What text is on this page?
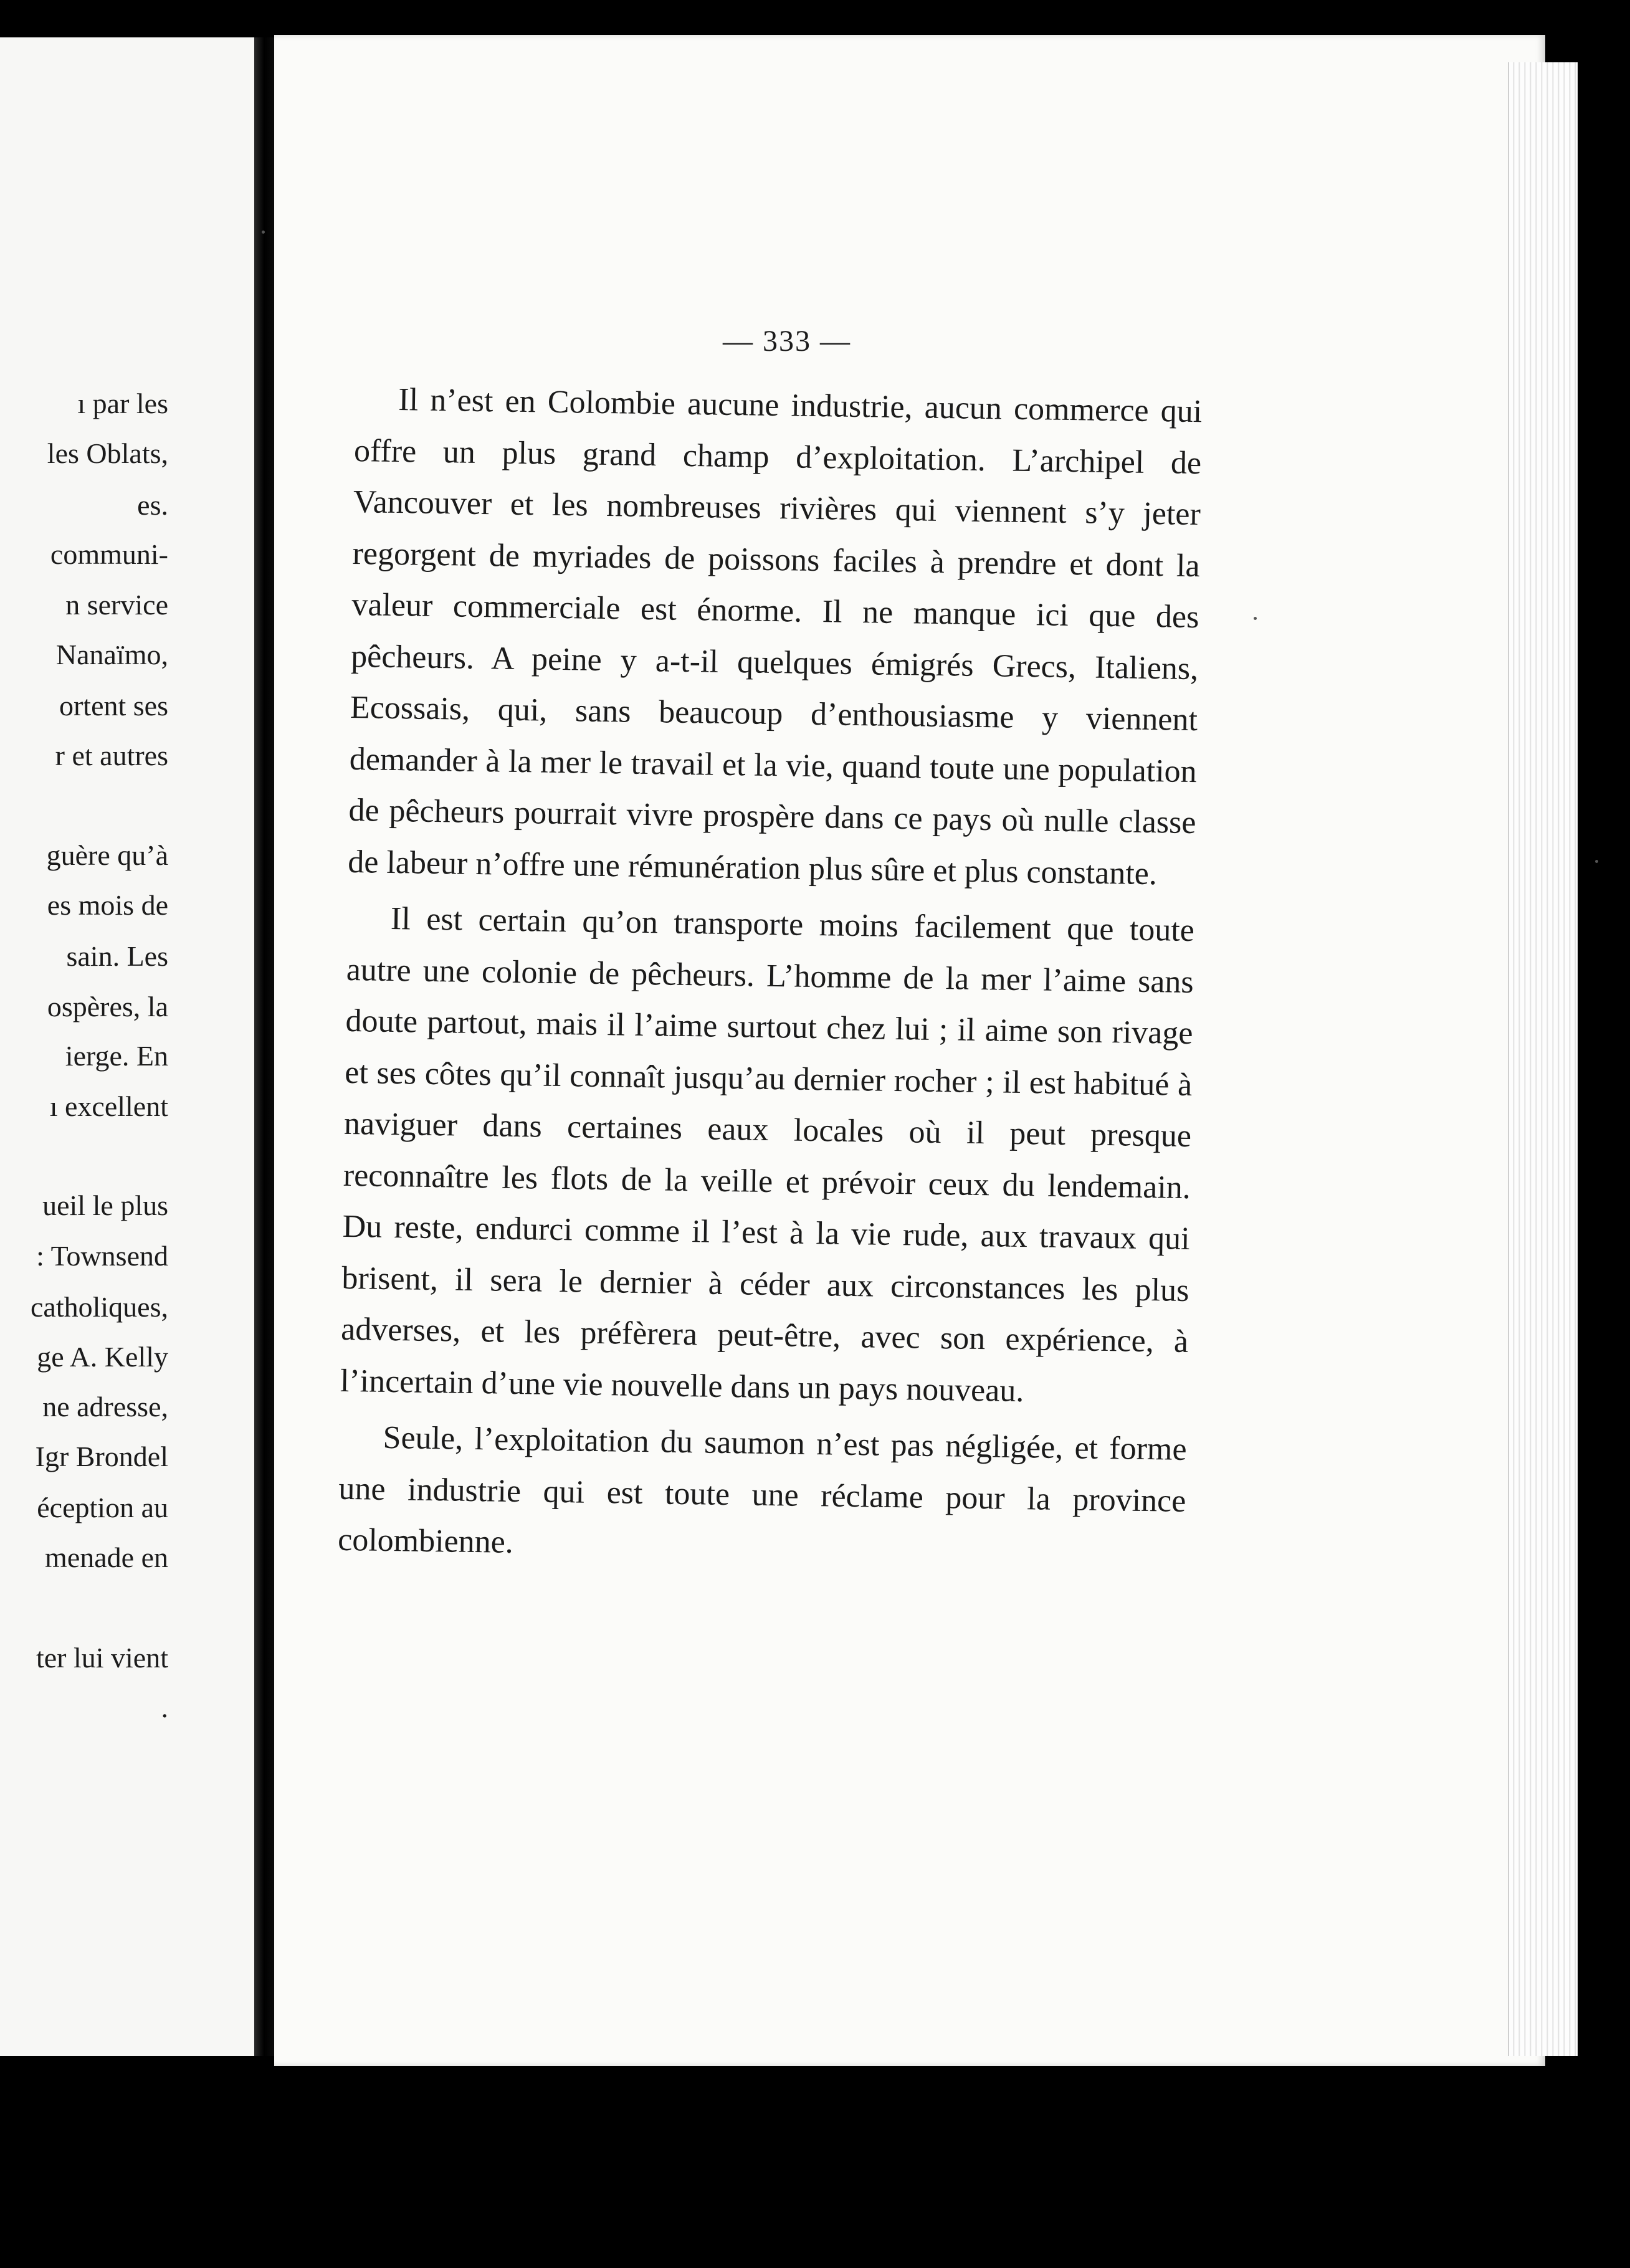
ı par les
les Oblats,
es.
communi-
n service
Nanaïmo,
ortent ses
r et autres
guère qu’à
es mois de
sain. Les
ospères, la
ierge. En
ı excellent
ueil le plus
: Townsend
catholiques,
ge A. Kelly
ne adresse,
Igr Brondel
éception au
menade en
ter lui vient
.
— 333 —

Il n’est en Colombie aucune industrie, aucun commerce qui offre un plus grand champ d’exploitation. L’archipel de Vancouver et les nombreuses rivières qui viennent s’y jeter regorgent de myriades de poissons faciles à prendre et dont la valeur commerciale est énorme. Il ne manque ici que des pêcheurs. A peine y a-t-il quelques émigrés Grecs, Italiens, Ecossais, qui, sans beaucoup d’enthousiasme y viennent demander à la mer le travail et la vie, quand toute une population de pêcheurs pourrait vivre prospère dans ce pays où nulle classe de labeur n’offre une rémunération plus sûre et plus constante.

Il est certain qu’on transporte moins facilement que toute autre une colonie de pêcheurs. L’homme de la mer l’aime sans doute partout, mais il l’aime surtout chez lui ; il aime son rivage et ses côtes qu’il connaît jusqu’au dernier rocher ; il est habitué à naviguer dans certaines eaux locales où il peut presque reconnaître les flots de la veille et prévoir ceux du lendemain. Du reste, endurci comme il l’est à la vie rude, aux travaux qui brisent, il sera le dernier à céder aux circonstances les plus adverses, et les préfèrera peut-être, avec son expérience, à l’incertain d’une vie nouvelle dans un pays nouveau.

Seule, l’exploitation du saumon n’est pas négligée, et forme une industrie qui est toute une réclame pour la province colombienne.
